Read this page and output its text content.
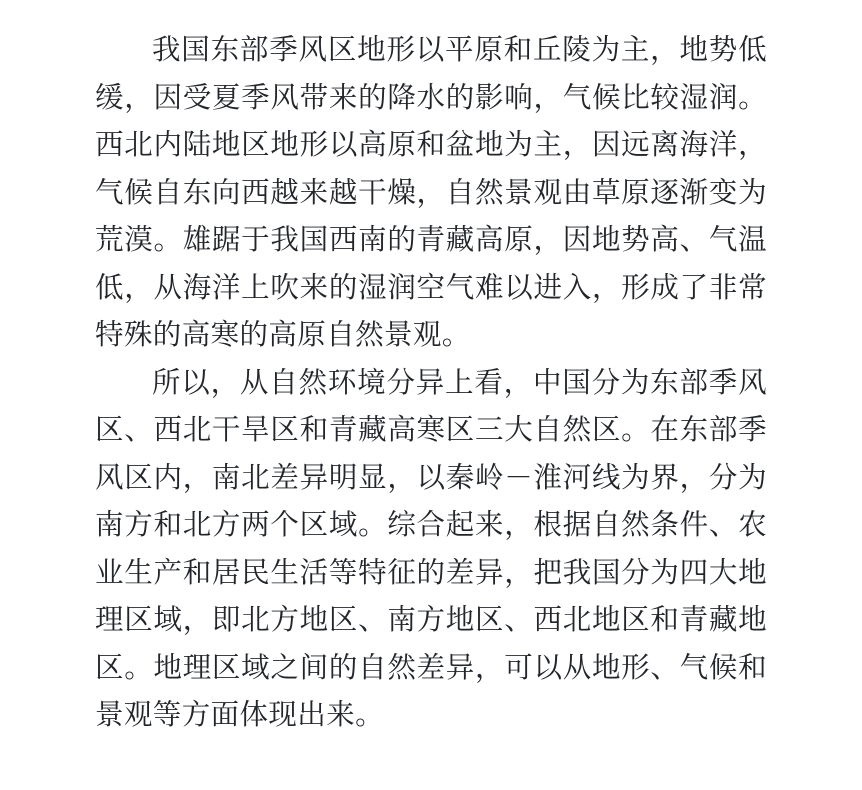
我国东部季风区地形以平原和丘陵为主，地势低缓，因受夏季风带来的降水的影响，气候比较湿润。西北内陆地区地形以高原和盆地为主，因远离海洋，气候自东向西越来越干燥，自然景观由草原逐渐变为荒漠。雄踞于我国西南的青藏高原，因地势高、气温低，从海洋上吹来的湿润空气难以进入，形成了非常特殊的高寒的高原自然景观。

所以，从自然环境分异上看，中国分为东部季风区、西北干旱区和青藏高寒区三大自然区。在东部季风区内，南北差异明显，以秦岭－淮河线为界，分为南方和北方两个区域。综合起来，根据自然条件、农业生产和居民生活等特征的差异，把我国分为四大地理区域，即北方地区、南方地区、西北地区和青藏地区。地理区域之间的自然差异，可以从地形、气候和景观等方面体现出来。
